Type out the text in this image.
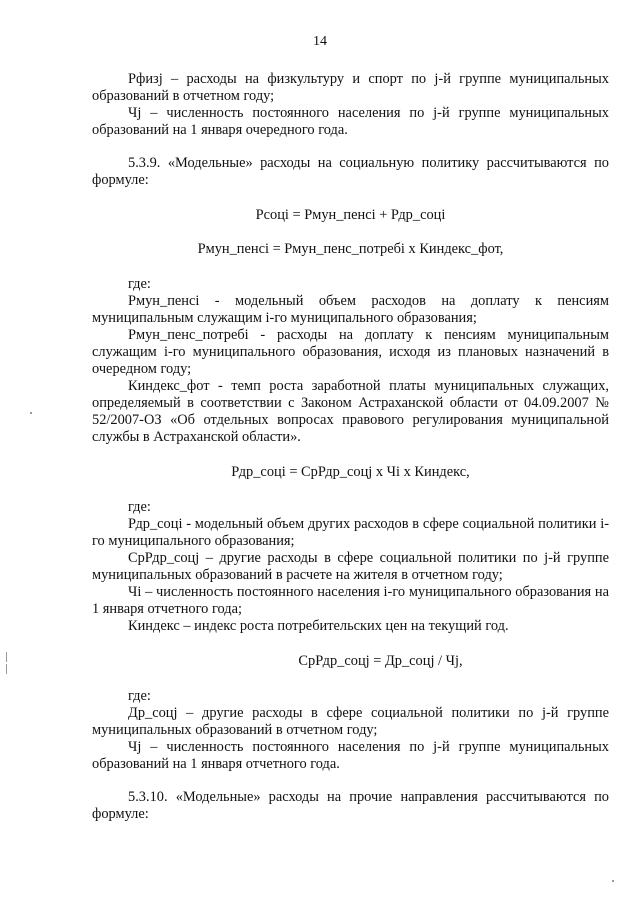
14

Рфизj – расходы на физкультуру и спорт по j-й группе муниципальных образований в отчетном году;

Чj – численность постоянного населения по j-й группе муниципальных образований на 1 января очередного года.

5.3.9. «Модельные» расходы на социальную политику рассчитываются по формуле:

Рсоці = Рмун_пенсі + Рдр_соці

Рмун_пенсі = Рмун_пенс_потребі х Киндекс_фот,

где:

Рмун_пенсі - модельный объем расходов на доплату к пенсиям муниципальным служащим і-го муниципального образования;

Рмун_пенс_потребі - расходы на доплату к пенсиям муниципальным служащим і-го муниципального образования, исходя из плановых назначений в очередном году;

Киндекс_фот - темп роста заработной платы муниципальных служащих, определяемый в соответствии с Законом Астраханской области от 04.09.2007 № 52/2007-ОЗ «Об отдельных вопросах правового регулирования муниципальной службы в Астраханской области».

Рдр_соці = СрРдр_соцj х Чі х Киндекс,

где:

Рдр_соці - модельный объем других расходов в сфере социальной политики і-го муниципального образования;

СрРдр_соцj – другие расходы в сфере социальной политики по j-й группе муниципальных образований в расчете на жителя в отчетном году;

Чі – численность постоянного населения і-го муниципального образования на 1 января отчетного года;

Киндекс – индекс роста потребительских цен на текущий год.

СрРдр_соцj = Др_соцj / Чj,

где:

Др_соцj – другие расходы в сфере социальной политики по j-й группе муниципальных образований в отчетном году;

Чj – численность постоянного населения по j-й группе муниципальных образований на 1 января отчетного года.

5.3.10. «Модельные» расходы на прочие направления рассчитываются по формуле:
